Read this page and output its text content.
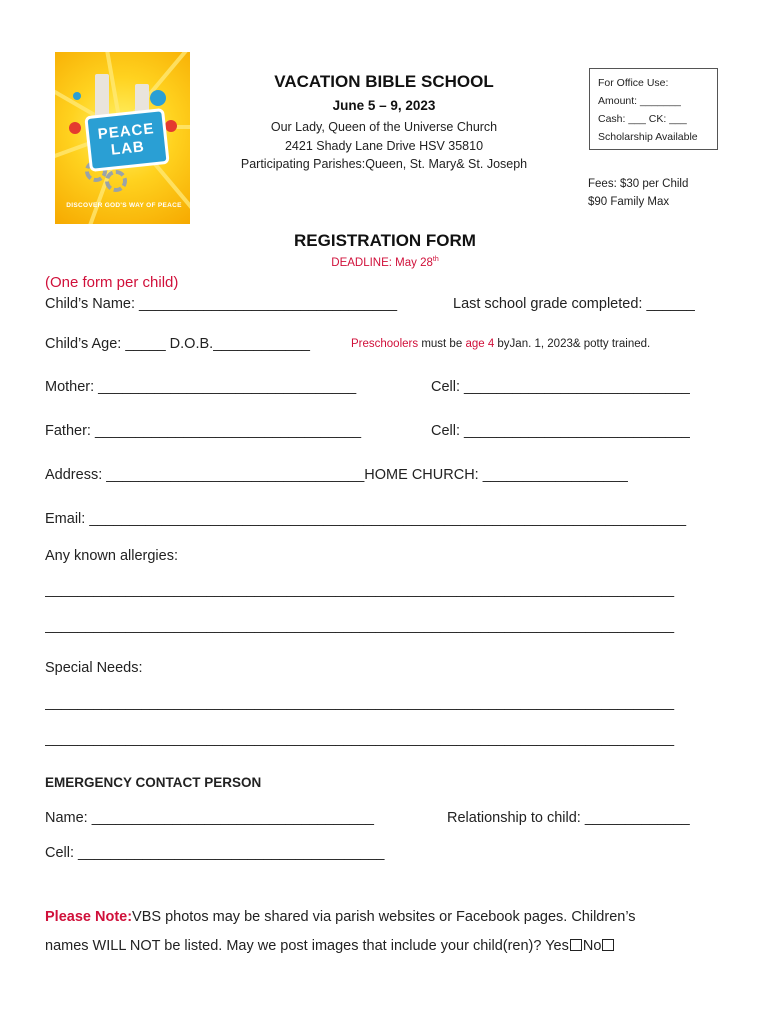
PEACE
LAB
DISCOVER GOD'S WAY OF PEACE
VACATION BIBLE SCHOOL
June 5 – 9, 2023
Our Lady, Queen of the Universe Church
2421 Shady Lane Drive HSV 35810
Participating Parishes:Queen, St. Mary& St. Joseph
For Office Use:
Amount: _______
Cash: ___ CK: ___
Scholarship Available
Fees: $30 per Child
$90 Family Max
REGISTRATION FORM
DEADLINE: May 28th
(One form per child)
Child’s Name: ________________________________	Last school grade completed: ______
Child’s Age: _____ D.O.B.____________	Preschoolers must be age 4 byJan. 1, 2023& potty trained.
Mother: ________________________________	Cell: ____________________________
Father: _________________________________	Cell: ____________________________
Address: ________________________________HOME CHURCH: __________________
Email: __________________________________________________________________________
Any known allergies:
______________________________________________________________________________
______________________________________________________________________________
Special Needs:
______________________________________________________________________________
______________________________________________________________________________
EMERGENCY CONTACT PERSON
Name: ___________________________________	Relationship to child: _____________
Cell: ______________________________________
Please Note:VBS photos may be shared via parish websites or Facebook pages. Children’s
names WILL NOT be listed. May we post images that include your child(ren)? Yes No
